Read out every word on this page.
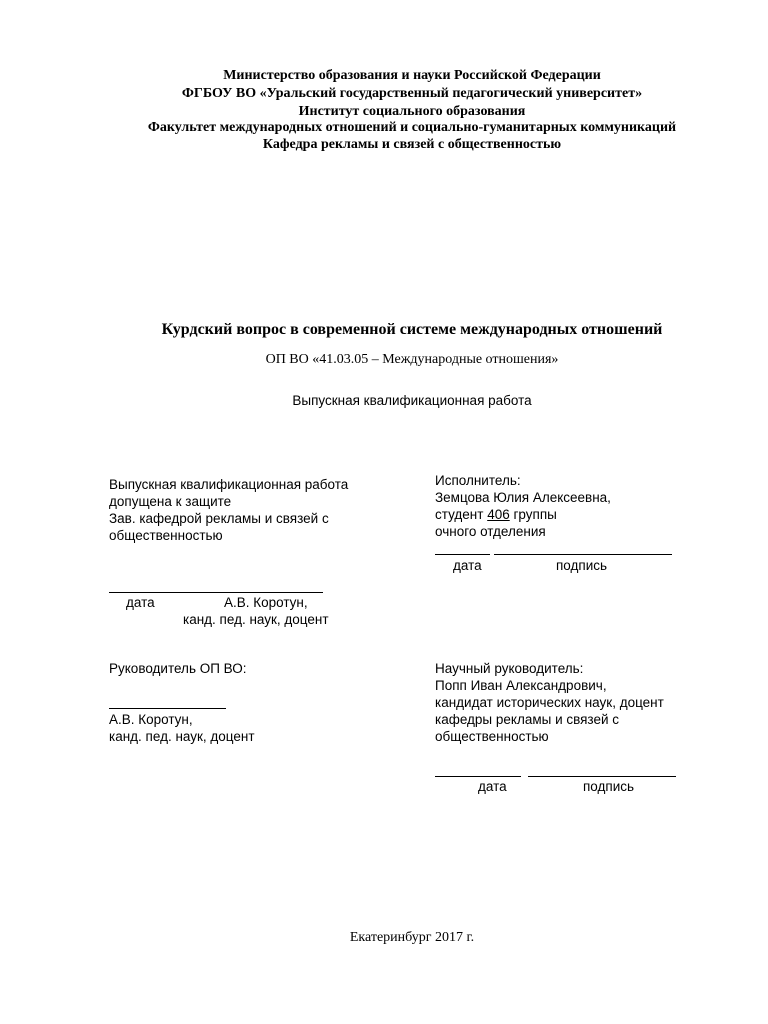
Министерство образования и науки Российской Федерации
ФГБОУ ВО «Уральский государственный педагогический университет»
Институт социального образования
Факультет международных отношений и социально-гуманитарных коммуникаций
Кафедра рекламы и связей с общественностью
Курдский вопрос в современной системе международных отношений
ОП ВО «41.03.05 – Международные отношения»
Выпускная квалификационная работа
Выпускная квалификационная работа
допущена к защите
Зав. кафедрой рекламы и связей с
общественностью
дата	А.В. Коротун,
канд. пед. наук, доцент
Исполнитель:
Земцова Юлия Алексеевна,
студент 406 группы
очного отделения
дата	подпись
Руководитель ОП ВО:
А.В. Коротун,
канд. пед. наук, доцент
Научный руководитель:
Попп Иван Александрович,
кандидат исторических наук, доцент
кафедры рекламы и связей с
общественностью
дата	подпись
Екатеринбург 2017 г.
